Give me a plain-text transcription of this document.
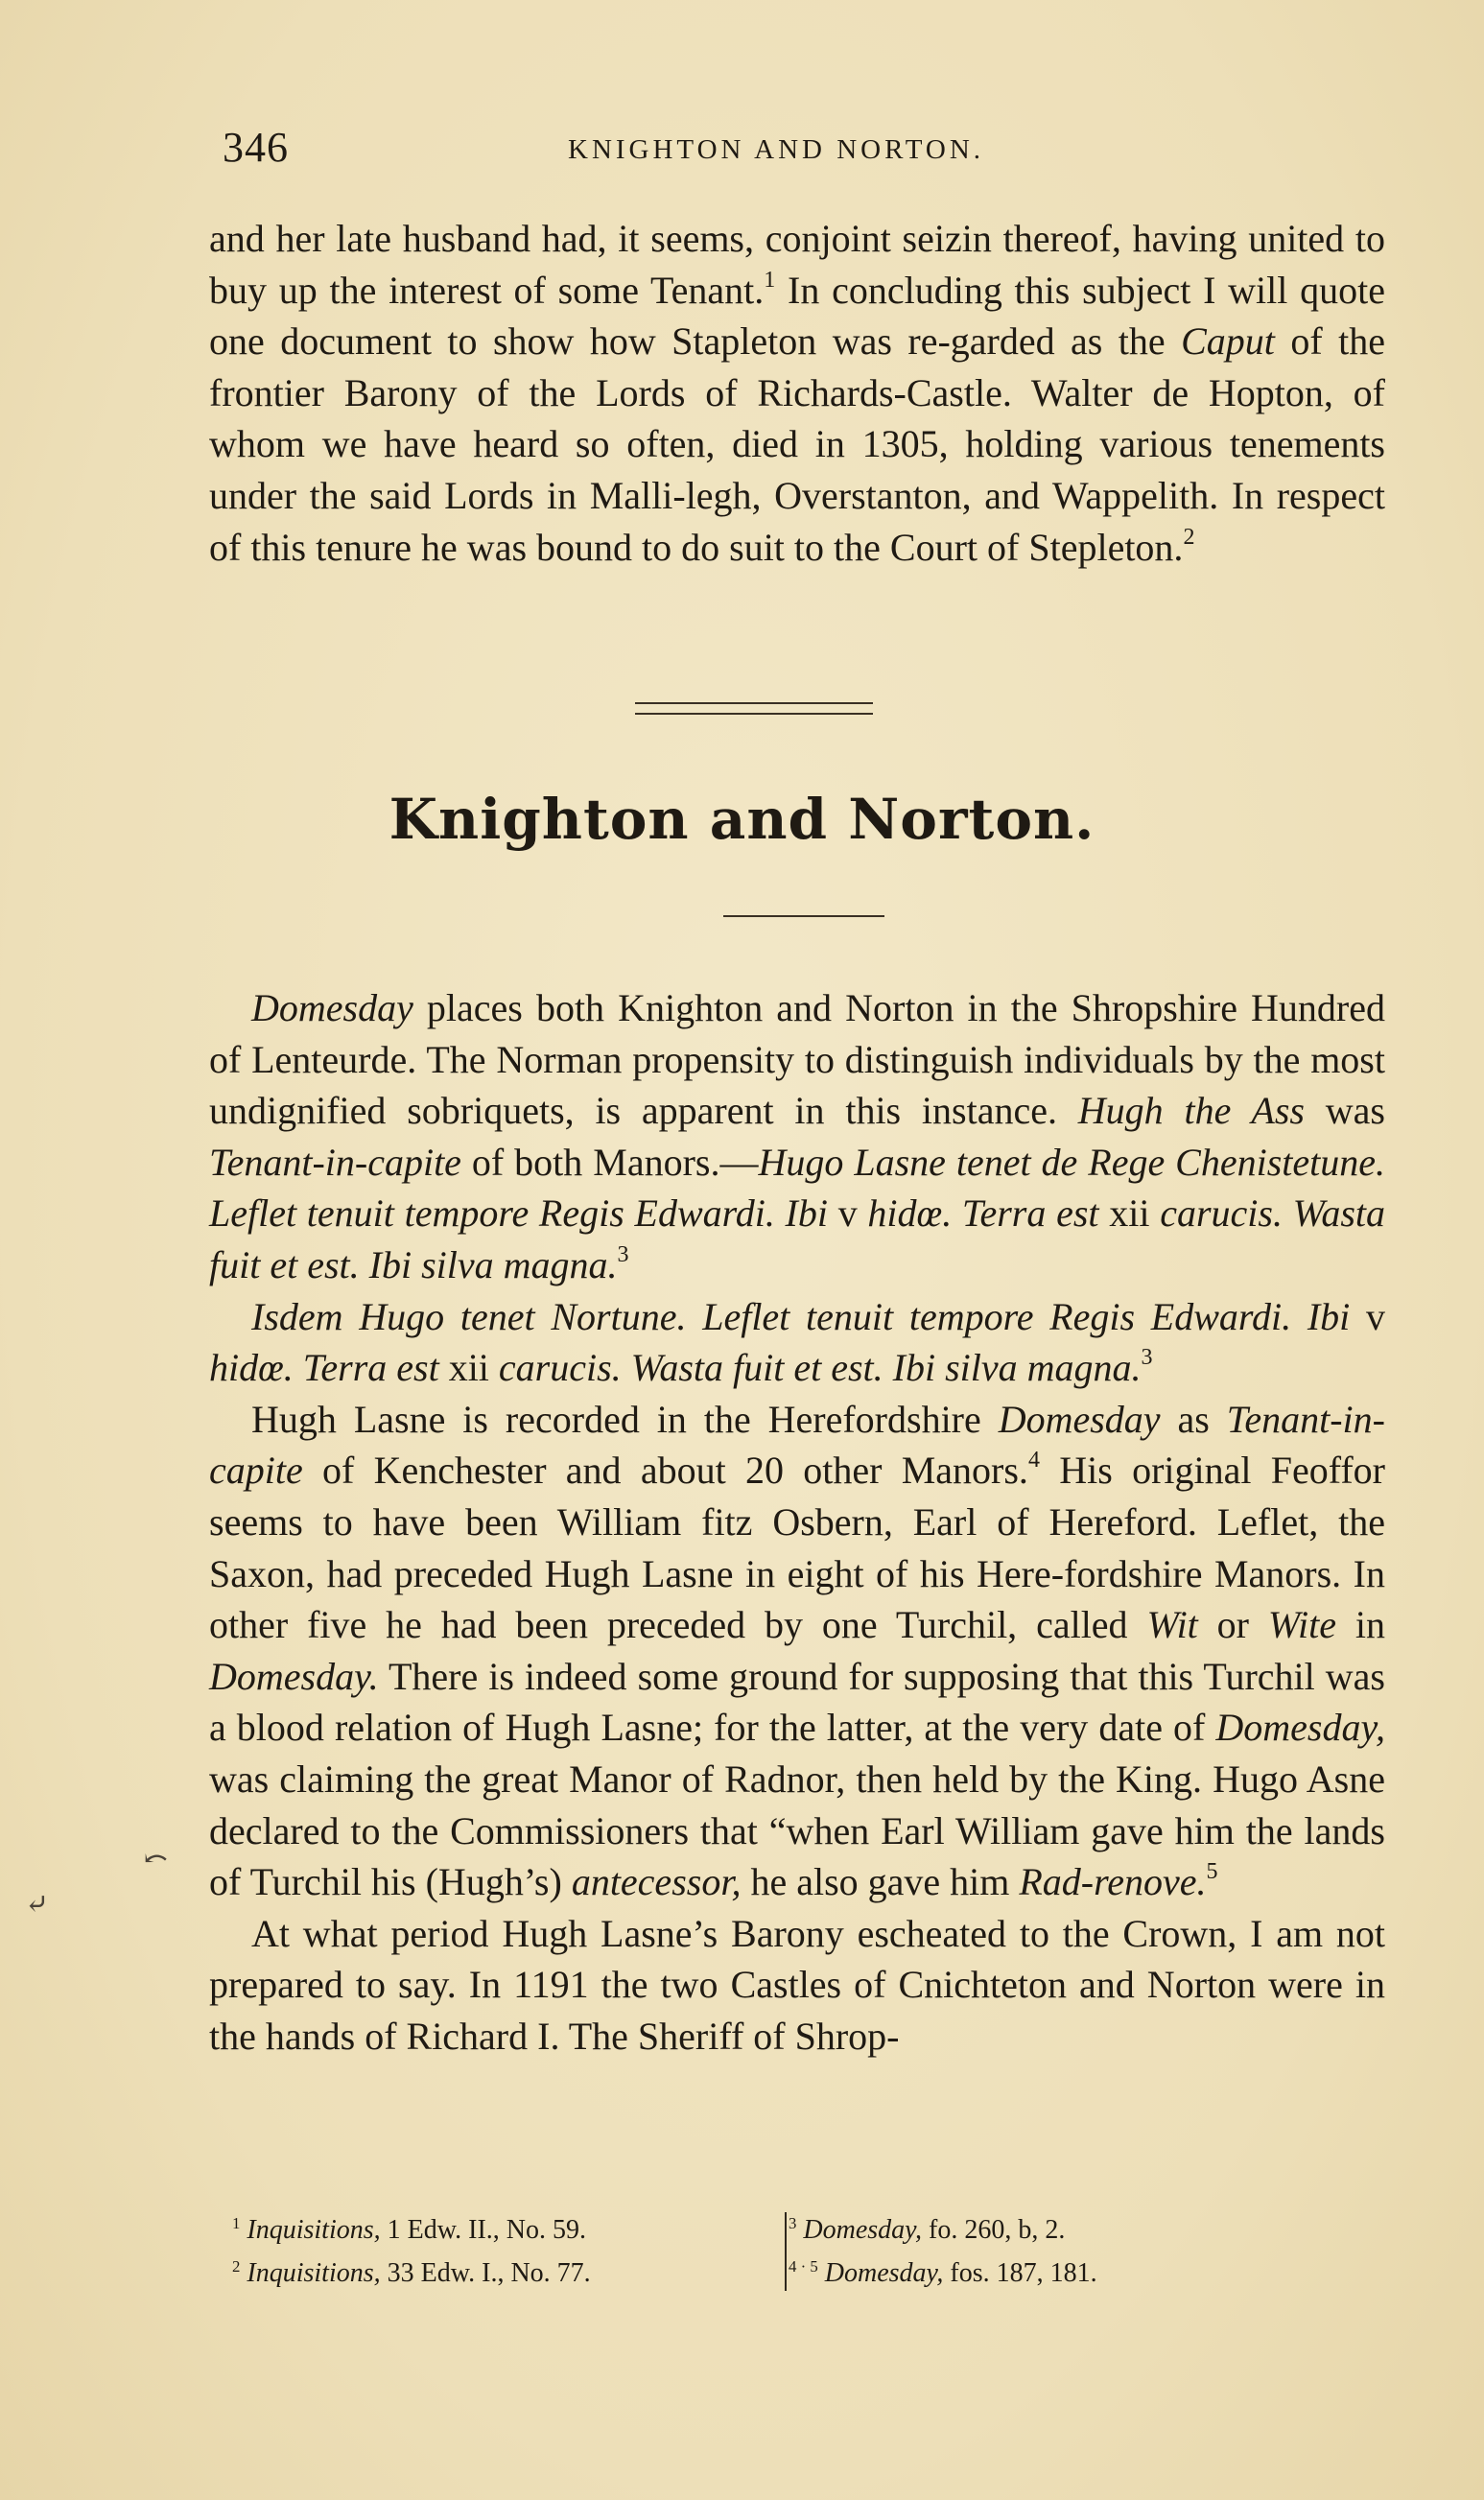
346	KNIGHTON AND NORTON.

and her late husband had, it seems, conjoint seizin thereof, having united to buy up the interest of some Tenant.$^1$ In concluding this subject I will quote one document to show how Stapleton was re-garded as the Caput of the frontier Barony of the Lords of Richards-Castle. Walter de Hopton, of whom we have heard so often, died in 1305, holding various tenements under the said Lords in Malli-legh, Overstanton, and Wappelith. In respect of this tenure he was bound to do suit to the Court of Stepleton.$^2$

Knighton and Norton.

Domesday places both Knighton and Norton in the Shropshire Hundred of Lenteurde. The Norman propensity to distinguish individuals by the most undignified sobriquets, is apparent in this instance. Hugh the Ass was Tenant-in-capite of both Manors.—Hugo Lasne tenet de Rege Chenistetune. Leflet tenuit tempore Regis Edwardi. Ibi v hidœ. Terra est xii carucis. Wasta fuit et est. Ibi silva magna.$^3$

Isdem Hugo tenet Nortune. Leflet tenuit tempore Regis Edwardi. Ibi v hidœ. Terra est xii carucis. Wasta fuit et est. Ibi silva magna.$^3$

Hugh Lasne is recorded in the Herefordshire Domesday as Tenant-in-capite of Kenchester and about 20 other Manors.$^4$ His original Feoffor seems to have been William fitz Osbern, Earl of Hereford. Leflet, the Saxon, had preceded Hugh Lasne in eight of his Here-fordshire Manors. In other five he had been preceded by one Turchil, called Wit or Wite in Domesday. There is indeed some ground for supposing that this Turchil was a blood relation of Hugh Lasne; for the latter, at the very date of Domesday, was claiming the great Manor of Radnor, then held by the King. Hugo Asne declared to the Commissioners that “when Earl William gave him the lands of Turchil his (Hugh’s) antecessor, he also gave him Rad-renove.$^5$

At what period Hugh Lasne’s Barony escheated to the Crown, I am not prepared to say. In 1191 the two Castles of Cnichteton and Norton were in the hands of Richard I. The Sheriff of Shrop-

⤺
⤶
$^1$ Inquisitions, 1 Edw. II., No. 59.
$^2$ Inquisitions, 33 Edw. I., No. 77.
$^3$ Domesday, fo. 260, b, 2.
$^{4 \cdot 5}$ Domesday, fos. 187, 181.
